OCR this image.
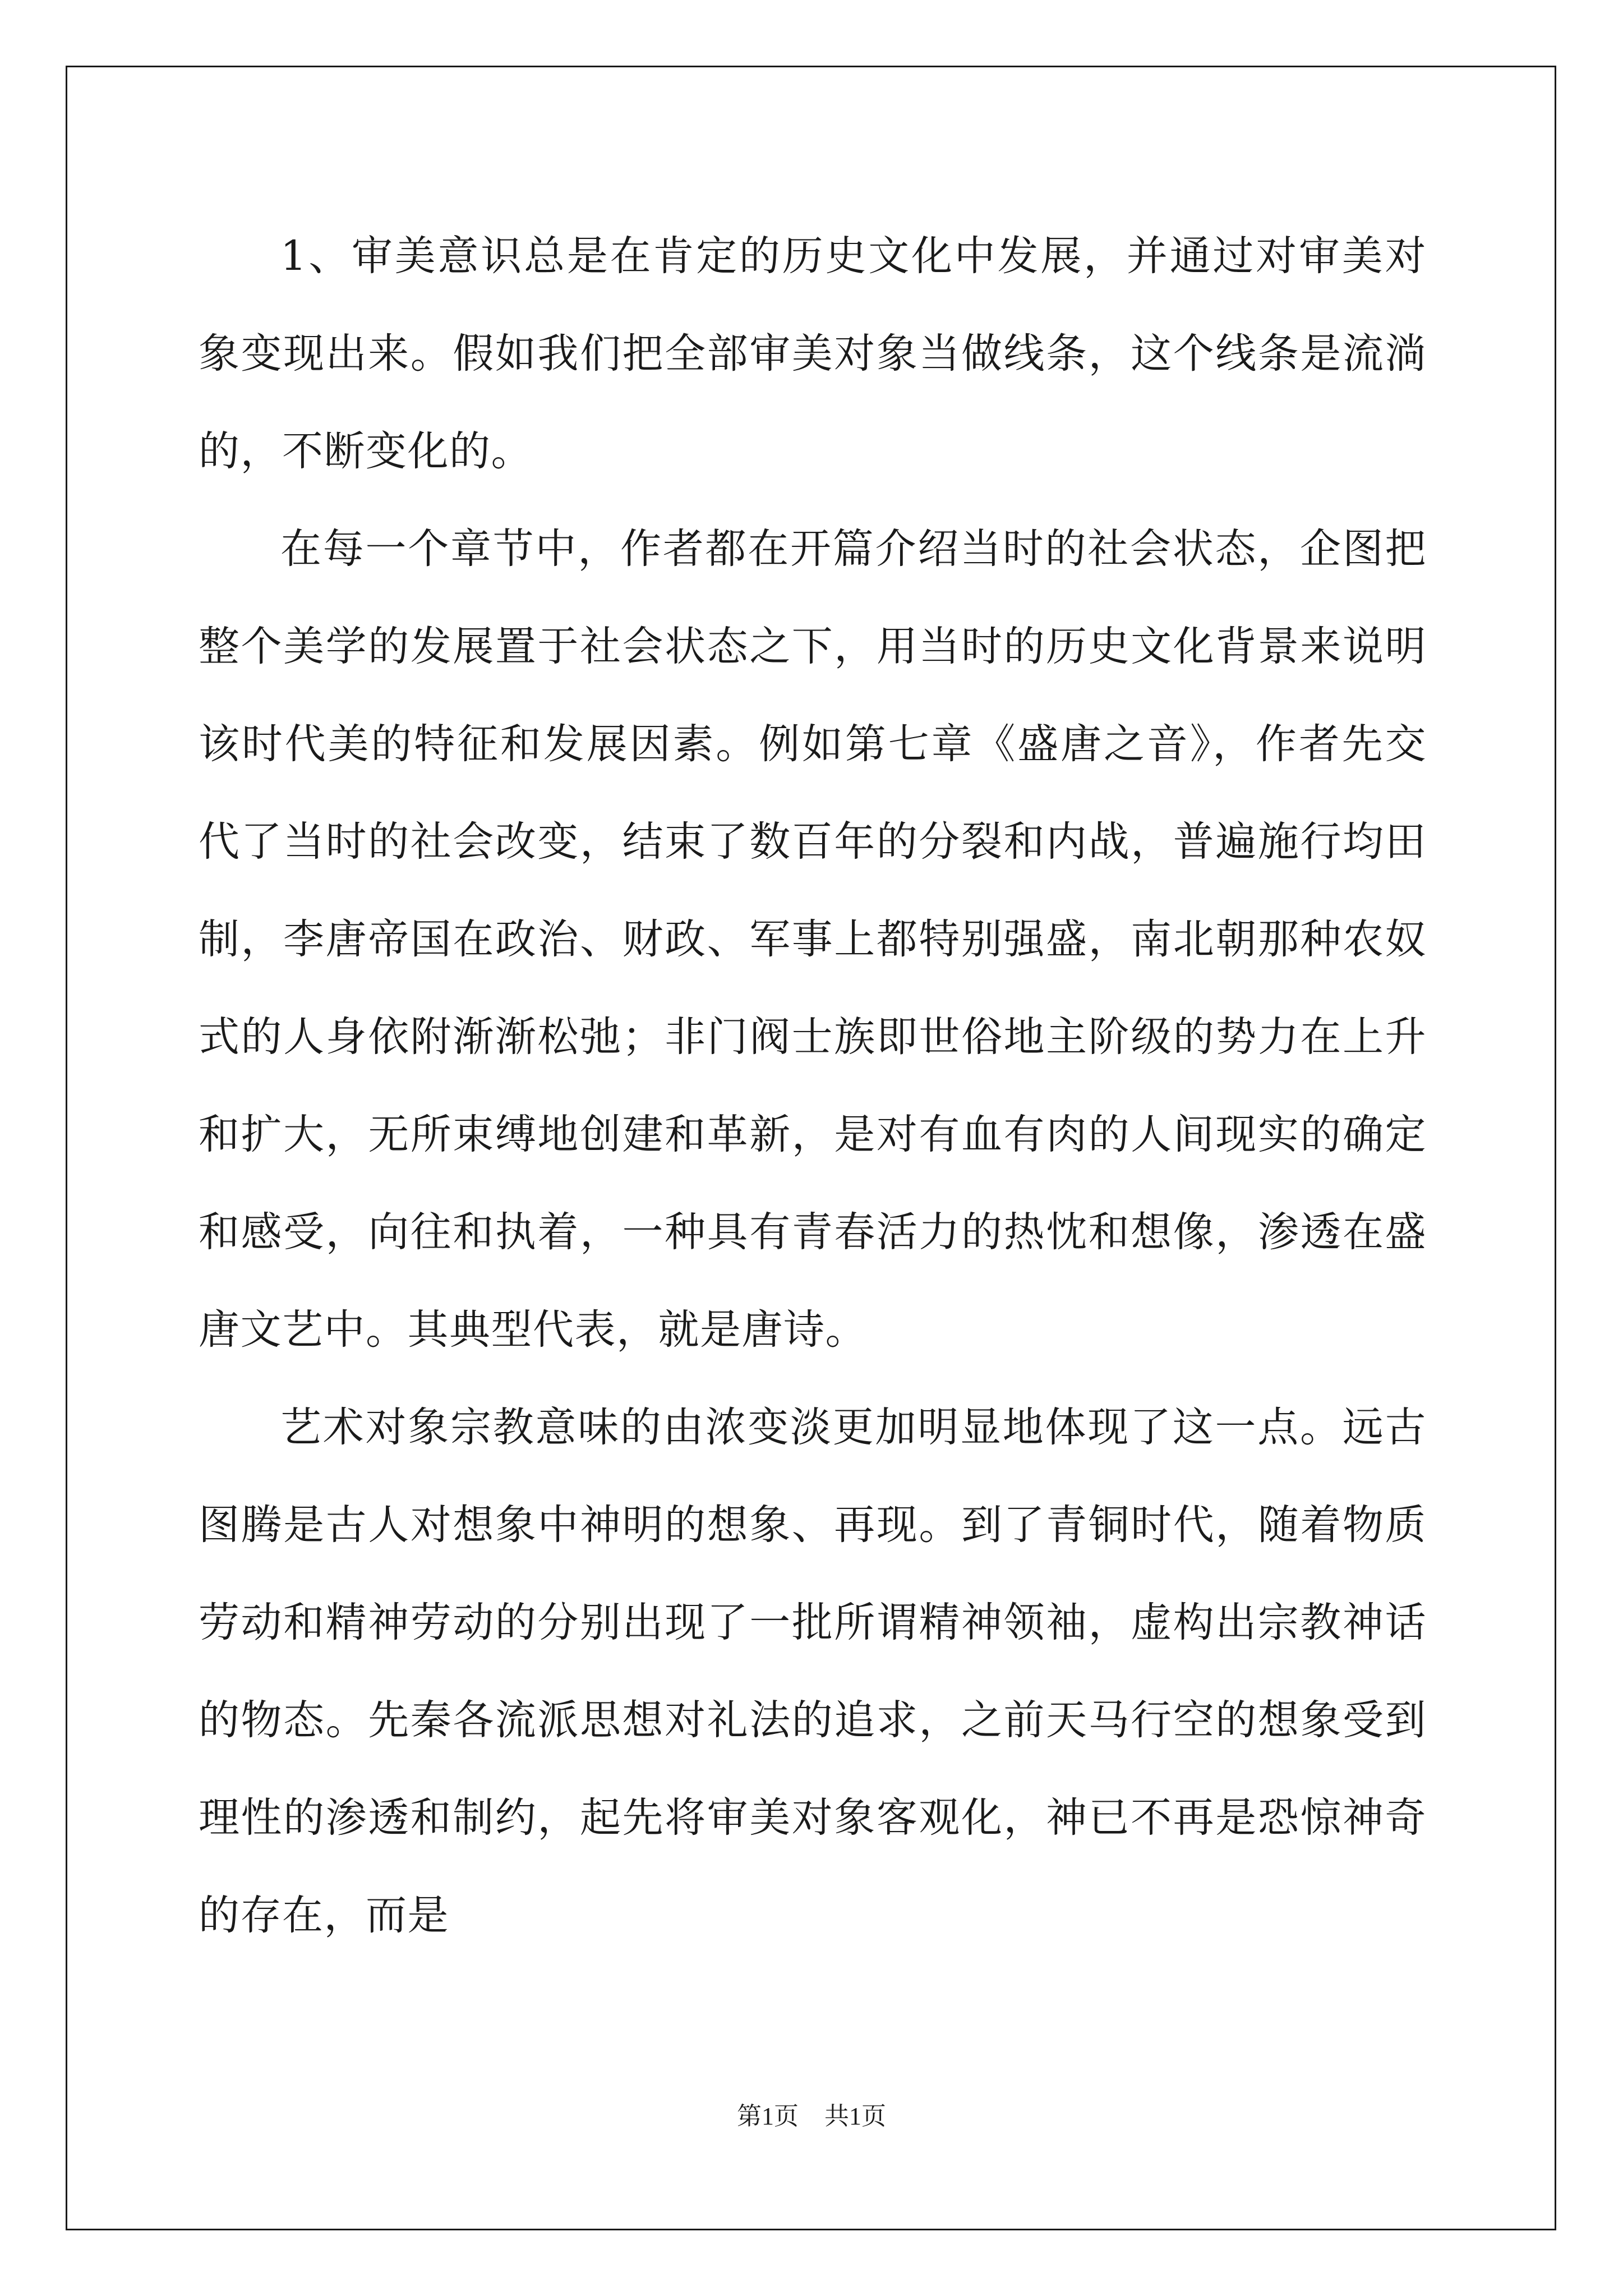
1、审美意识总是在肯定的历史文化中发展，并通过对审美对象变现出来。假如我们把全部审美对象当做线条，这个线条是流淌的，不断变化的。

在每一个章节中，作者都在开篇介绍当时的社会状态，企图把整个美学的发展置于社会状态之下，用当时的历史文化背景来说明该时代美的特征和发展因素。例如第七章《盛唐之音》，作者先交代了当时的社会改变，结束了数百年的分裂和内战，普遍施行均田制，李唐帝国在政治、财政、军事上都特别强盛，南北朝那种农奴式的人身依附渐渐松弛；非门阀士族即世俗地主阶级的势力在上升和扩大，无所束缚地创建和革新，是对有血有肉的人间现实的确定和感受，向往和执着，一种具有青春活力的热忱和想像，渗透在盛唐文艺中。其典型代表，就是唐诗。

艺术对象宗教意味的由浓变淡更加明显地体现了这一点。远古图腾是古人对想象中神明的想象、再现。到了青铜时代，随着物质劳动和精神劳动的分别出现了一批所谓精神领袖，虚构出宗教神话的物态。先秦各流派思想对礼法的追求，之前天马行空的想象受到理性的渗透和制约，起先将审美对象客观化，神已不再是恐惊神奇的存在，而是

第1页 共1页
